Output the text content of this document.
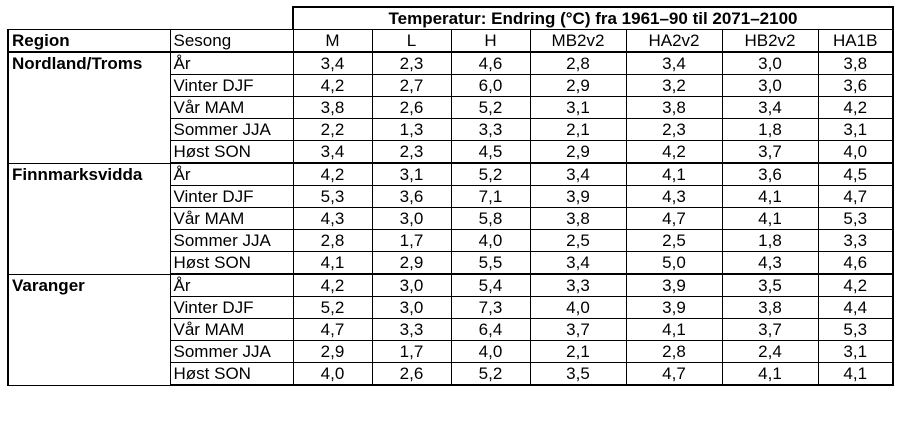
		Temperatur: Endring (°C) fra 1961–90 til 2071–2100						
Region	Sesong	M	L	H	MB2v2	HA2v2	HB2v2	HA1B
Nordland/Troms	År	3,4	2,3	4,6	2,8	3,4	3,0	3,8
	Vinter DJF	4,2	2,7	6,0	2,9	3,2	3,0	3,6
	Vår MAM	3,8	2,6	5,2	3,1	3,8	3,4	4,2
	Sommer JJA	2,2	1,3	3,3	2,1	2,3	1,8	3,1
	Høst SON	3,4	2,3	4,5	2,9	4,2	3,7	4,0
Finnmarksvidda	År	4,2	3,1	5,2	3,4	4,1	3,6	4,5
	Vinter DJF	5,3	3,6	7,1	3,9	4,3	4,1	4,7
	Vår MAM	4,3	3,0	5,8	3,8	4,7	4,1	5,3
	Sommer JJA	2,8	1,7	4,0	2,5	2,5	1,8	3,3
	Høst SON	4,1	2,9	5,5	3,4	5,0	4,3	4,6
Varanger	År	4,2	3,0	5,4	3,3	3,9	3,5	4,2
	Vinter DJF	5,2	3,0	7,3	4,0	3,9	3,8	4,4
	Vår MAM	4,7	3,3	6,4	3,7	4,1	3,7	5,3
	Sommer JJA	2,9	1,7	4,0	2,1	2,8	2,4	3,1
	Høst SON	4,0	2,6	5,2	3,5	4,7	4,1	4,1
